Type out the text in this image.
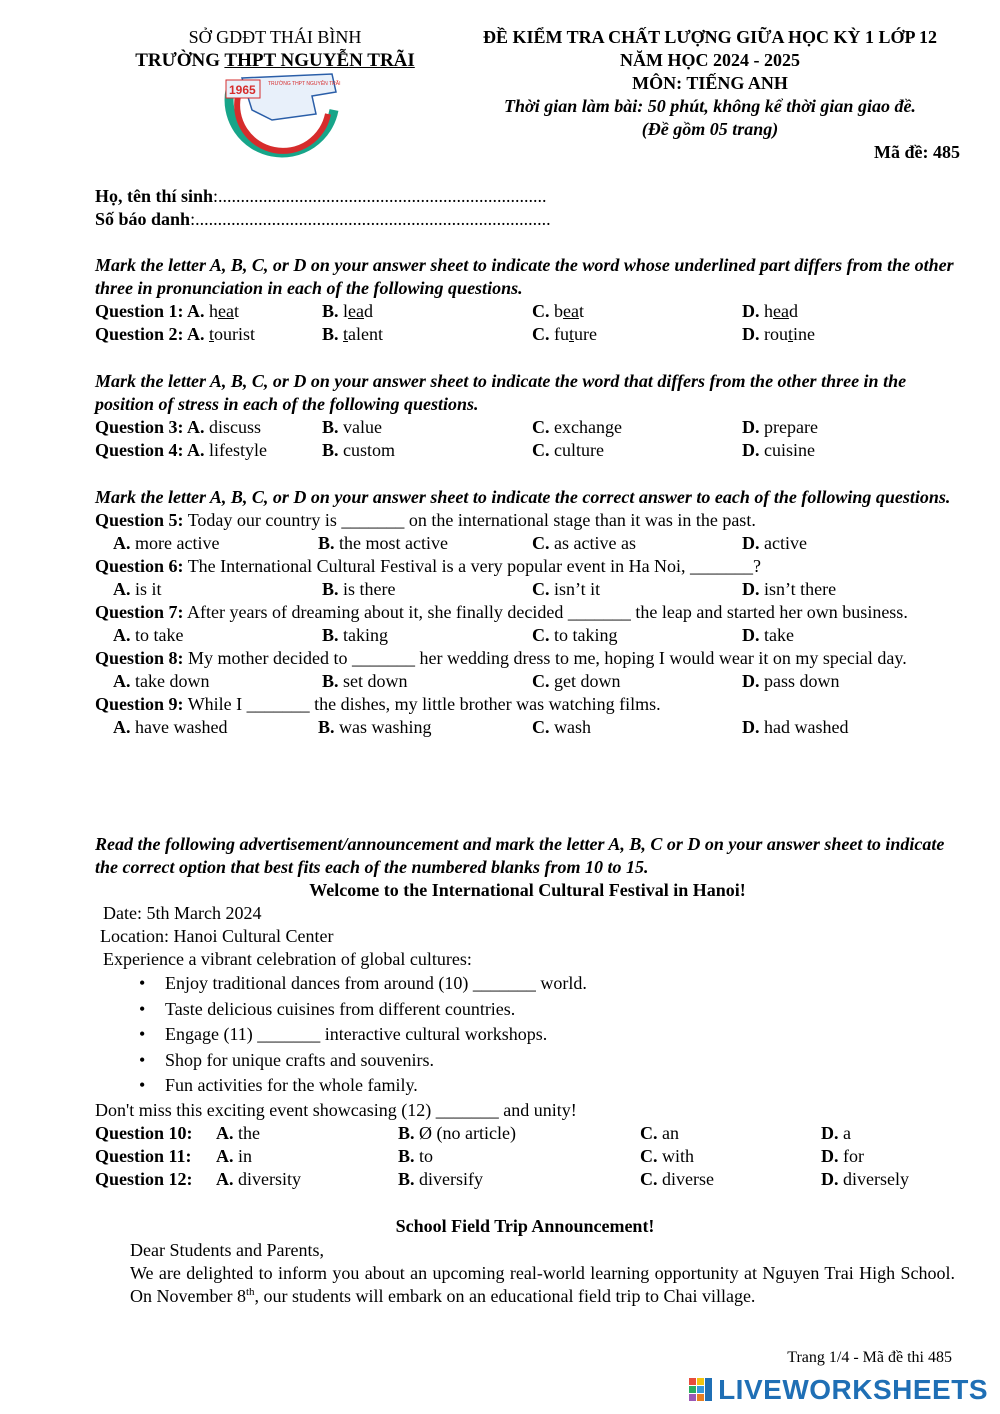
SỞ GDĐT THÁI BÌNH
TRƯỜNG THPT NGUYỄN TRÃI
1965 TRƯỜNG THPT NGUYỄN TRÃI
ĐỀ KIỂM TRA CHẤT LƯỢNG GIỮA HỌC KỲ 1 LỚP 12
NĂM HỌC 2024 - 2025
MÔN: TIẾNG ANH
Thời gian làm bài: 50 phút, không kể thời gian giao đề.
(Đề gồm 05 trang)
Mã đề: 485
Họ, tên thí sinh:.........................................................................
Số báo danh:...............................................................................
Mark the letter A, B, C, or D on your answer sheet to indicate the word whose underlined part differs from the other three in pronunciation in each of the following questions.
Question 1: A. heat	B. lead	C. beat	D. head
Question 2: A. tourist	B. talent	C. future	D. routine
Mark the letter A, B, C, or D on your answer sheet to indicate the word that differs from the other three in the position of stress in each of the following questions.
Question 3: A. discuss	B. value	C. exchange	D. prepare
Question 4: A. lifestyle	B. custom	C. culture	D. cuisine
Mark the letter A, B, C, or D on your answer sheet to indicate the correct answer to each of the following questions.
Question 5: Today our country is _______ on the international stage than it was in the past.
A. more active	B. the most active	C. as active as	D. active
Question 6: The International Cultural Festival is a very popular event in Ha Noi, _______?
A. is it	B. is there	C. isn’t it	D. isn’t there
Question 7: After years of dreaming about it, she finally decided _______ the leap and started her own business.
A. to take	B. taking	C. to taking	D. take
Question 8: My mother decided to _______ her wedding dress to me, hoping I would wear it on my special day.
A. take down	B. set down	C. get down	D. pass down
Question 9: While I _______ the dishes, my little brother was watching films.
A. have washed	B. was washing	C. wash	D. had washed
Read the following advertisement/announcement and mark the letter A, B, C or D on your answer sheet to indicate the correct option that best fits each of the numbered blanks from 10 to 15.
Welcome to the International Cultural Festival in Hanoi!
Date: 5th March 2024
Location: Hanoi Cultural Center
Experience a vibrant celebration of global cultures:
• Enjoy traditional dances from around (10) _______ world.
• Taste delicious cuisines from different countries.
• Engage (11) _______ interactive cultural workshops.
• Shop for unique crafts and souvenirs.
• Fun activities for the whole family.
Don't miss this exciting event showcasing (12) _______ and unity!
Question 10: A. the	B. Ø (no article)	C. an	D. a
Question 11: A. in	B. to	C. with	D. for
Question 12: A. diversity	B. diversify	C. diverse	D. diversely
School Field Trip Announcement!
Dear Students and Parents,
We are delighted to inform you about an upcoming real-world learning opportunity at Nguyen Trai High School. On November 8th, our students will embark on an educational field trip to Chai village.
Trang 1/4 - Mã đề thi 485
LIVEWORKSHEETS
